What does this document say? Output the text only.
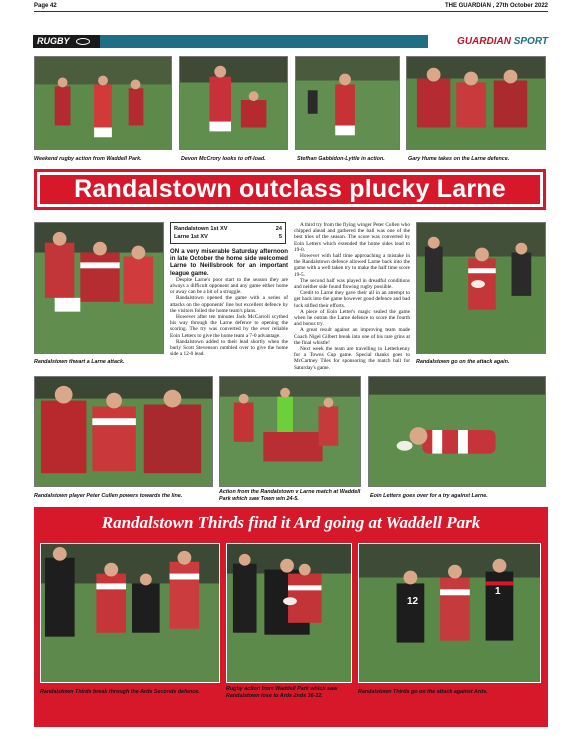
Page 42	THE GUARDIAN , 27th October 2022
RUGBY	GUARDIAN SPORT
Weekend rugby action from Waddell Park.	Devon McCrory looks to off-load.	Stefhan Gabbidon-Lyttle in action.	Gary Hume takes on the Larne defence.
Randalstown outclass plucky Larne
Randalstown 1st XV	24
Larne 1st XV	5

ON a very miserable Saturday afternoon in late October the home side welcomed Larne to Neillsbrook for an important league game.

Despite Larne's poor start to the season they are always a difficult opponent and any game either home or away can be a bit of a struggle.

Randalstown opened the game with a series of attacks on the opponents' line but excellent defence by the visitors foiled the home team's plans.

However after ten minutes Jack McCarroll scythed his way through the Larne defence to opening the scoring. The try was converted by the ever reliable Eoin Letters to give the home team a 7-0 advantage.

Randalstown added to their lead shortly when the burly Scott Stevenson rumbled over to give the home side a 12-0 lead.

A third try from the flying winger Peter Cullen who chipped ahead and gathered the ball was one of the best tries of the season. The score was converted by Eoin Letters which extended the home sides lead to 19-0.

However with half time approaching a mistake in the Randalstown defence allowed Larne back into the game with a well taken try to make the half time score 19-5.

The second half was played in dreadful conditions and neither side found flowing rugby possible.

Credit to Larne they gave their all in an attempt to get back into the game however good defence and bad luck stifled their efforts.

A piece of Eoin Letter's magic sealed the game when he outran the Larne defence to score the fourth and bonus try.

A great result against an improving team made Coach Nigel Gilbert break into one of his rare grins at the final whistle!

Next week the team are travelling to Letterkenny for a Towns Cup game. Special thanks goes to McCartney Tiles for sponsoring the match ball for Saturday's game.

Randalstown thwart a Larne attack.	Randalstown go on the attack again.
Randalstown player Peter Cullen powers towards the line.
Action from the Randalstown v Larne match at Waddell Park which saw Town win 24-5.	Eoin Letters goes over for a try against Larne.
Randalstown Thirds find it Ard going at Waddell Park
12
1
Randalstown Thirds break through the Ards Seconds defence.	Rugby action from Waddell Park which saw Randalstown lose to Ards 2nds 36-12.
Randalstown Thirds go on the attack against Ards.
